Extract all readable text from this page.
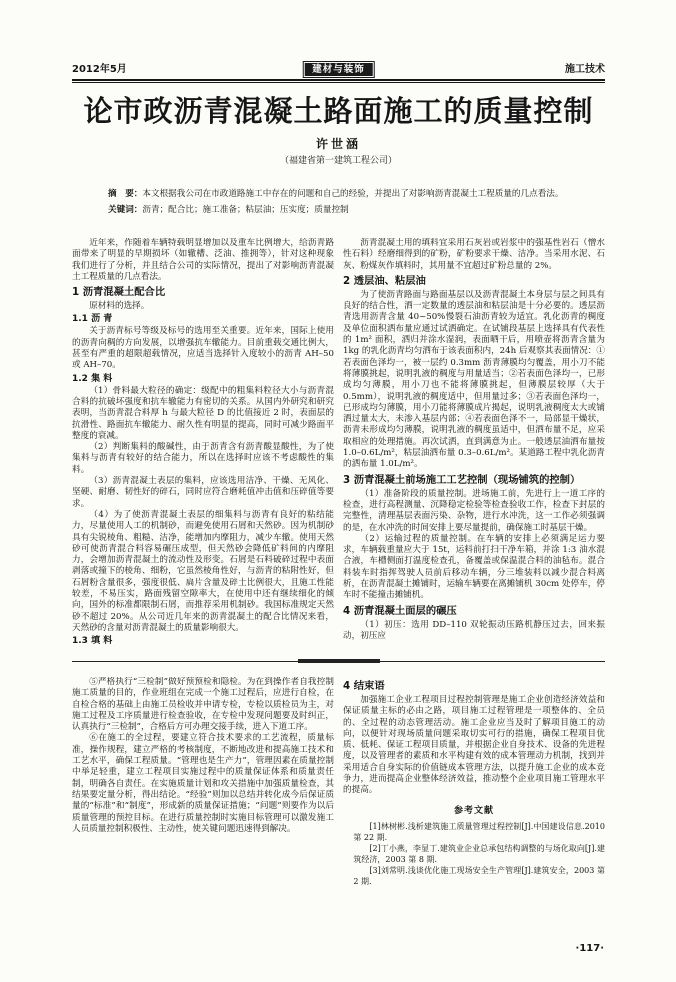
2012年5月	建材与装饰	施工技术
论市政沥青混凝土路面施工的质量控制
许世涵
（福建省第一建筑工程公司）
摘　要：本文根据我公司在市政道路施工中存在的问题和自己的经验，并提出了对影响沥青混凝土工程质量的几点看法。
关键词：沥青；配合比；施工准备；粘层油；压实度；质量控制

近年来，作随着车辆特载明显增加以及重车比例增大，给沥青路面带来了明显的早期损坏（如辙槽、泛油、推拥等），针对这种现象我们进行了分析，并且结合公司的实际情况，提出了对影响沥青混凝土工程质量的几点看法。

1 沥青混凝土配合比

原材料的选择。

1.1 沥 青

关于沥青标号等级及标号的选用至关重要。近年来，国际上使用的沥青向稠的方向发展，以增强抗车辙能力。目前重载交通比例大，甚至有严重的超限超载情况，应适当选择针入度较小的沥青 AH–50 或 AH–70。

1.2 集 料

（1）骨料最大粒径的确定：级配中的粗集料粒径大小与沥青混合料的抗破坏强度和抗车辙能力有密切的关系。从国内外研究和研究表明，当沥青混合料厚 h 与最大粒径 D 的比值接近 2 时，表面层的抗滑性、路面抗车辙能力、耐久性有明显的提高，同时可减少路面平整度的衰减。

（2）判断集料的酸碱性，由于沥青含有沥青酸显酸性，为了使集料与沥青有较好的结合能力，所以在选择时应该不考虑酸性的集料。

（3）沥青混凝土表层的集料，应该选用洁净、干燥、无风化、坚硬、耐磨、韧性好的碎石，同时应符合磨耗值冲击值和压碎值等要求。

（4）为了使沥青混凝土表层的细集料与沥青有良好的粘结能力，尽量使用人工的机制砂，而避免使用石屑和天然砂。因为机制砂具有尖锐棱角、粗糙、洁净，能增加内摩阻力，减少车辙。使用天然砂可使沥青混合料容易碾压成型，但天然砂会降低矿料间的内摩阻力，会增加沥青混凝土的流动性及形变。石屑是石料破碎过程中表面剥落或撞下的棱角、细粉，它虽然棱角性好，与沥青的粘附性好，但石屑粉含量很多，强度很低、扁片含量及碎土比例很大，且施工性能较差，不易压实，路面残留空隙率大，在使用中还有继续细化的倾向，国外的标准都限制石屑，而推荐采用机制砂。我国标准规定天然砂不超过 20%。从公司近几年来的沥青混凝土的配合比情况来看，天然砂的含量对沥青混凝土的质量影响很大。

1.3 填 料

沥青混凝土用的填料宜采用石灰岩或岩浆中的强基性岩石（憎水性石料）经磨细得到的矿粉，矿粉要求干燥、洁净。当采用水泥、石灰、粉煤灰作填料时，其用量不宜超过矿粉总量的 2%。

2 透层油、粘层油

为了使沥青路面与路面基层以及沥青混凝土本身层与层之间具有良好的结合性，洒一定数量的透层油和粘层油是十分必要的。透层沥青选用沥青含量 40~50%慢裂石油沥青较为适宜。乳化沥青的稠度及单位面积洒布量应通过试洒确定。在试铺段基层上选择具有代表性的 1m² 面积，洒归并涂水湿润，表面晒干后，用喷壶将沥青含量为 1kg 的乳化沥青均匀洒布于该表面积内，24h 后观察其表面情况：①若表面色泽均一，被一层约 0.3mm 沥青薄膜均匀覆盖，用小刀不能将薄膜挑起，说明乳液的稠度与用量适当；②若表面色泽均一，已形成均匀薄膜，用小刀也不能将薄膜挑起，但薄膜层较厚（大于 0.5mm），说明乳液的稠度适中，但用量过多；③若表面色泽均一，已形成均匀薄膜，用小刀能将薄膜成片揭起，说明乳液稠度太大或铺洒过量太大，未渗入基层内部；④若表面色泽不一，局部显干燥状，沥青未形成均匀薄膜，说明乳液的稠度虽适中，但洒布量不足，应采取相应的处理措施。再次试洒，直到满意为止。一般透层油洒布量按 1.0–0.6L/m²，粘层油洒布量 0.3–0.6L/m²。某道路工程中乳化沥青的洒布量 1.0L/m²。

3 沥青混凝土前场施工工艺控制（现场铺筑的控制）

（1）准备阶段的质量控制。进场施工前，先进行上一道工序的检查，进行高程测量、沉降稳定检验等检查验收工作，检查下封层的完整性，清理基层表面污染、杂物，进行水冲洗，这一工作必须强调的是，在水冲洗的时间安排上要尽量提前，确保施工时基层干燥。

（2）运输过程的质量控制。在车辆的安排上必须满足运力要求，车辆载重量应大于 15t，运料前打扫干净车箱，并涂 1:3 油水混合液，车槽侧面打温度检查孔，备覆盖或保温混合料的油毡布。混合料装车时指挥驾驶人员前后移动车辆，分三堆装料以减少混合料离析，在沥青混凝土摊铺时，运输车辆要在离摊铺机 30cm 处停车，停车时不能撞击摊铺机。

4 沥青混凝土面层的碾压

（1）初压：选用 DD–110 双轮振动压路机静压过去，回来振动，初压应

⑤严格执行“三检制”做好预预检和隐检。为在到操作者自我控制施工质量的目的，作业班组在完成一个施工过程后，应进行自检，在自检合格的基础上由施工员检收并申请专检，专检以质检员为主，对施工过程及工序质量进行检查验收，在专检中发现问题要及时纠正，认真执行“三检制”，合格后方可办理交接手续，进入下道工序。

⑥在施工的全过程，要建立符合技术要求的工艺流程，质量标准，操作规程，建立严格的考核制度，不断地改进和提高施工技术和工艺水平，确保工程质量。“管理也是生产力”，管理因素在质量控制中举足轻重，建立工程项目实施过程中的质量保证体系和质量责任制，明确各自责任。在实施质量计划和攻关措施中加强质量检查，其结果要定量分析，得出结论。“经验”则加以总结并转化成今后保证质量的“标准”和“制度”，形成新的质量保证措施；“问题”则要作为以后质量管理的预控目标。在进行质量控制时实施目标管理可以激发施工人员质量控制积极性、主动性，使关键问题迅速得到解决。

4 结束语

加强施工企业工程项目过程控制管理是施工企业创造经济效益和保证质量主标的必由之路，项目施工过程管理是一项整体的、全员的、全过程的动态管理活动。施工企业应当及时了解项目施工的动向，以便针对现场质量问题采取切实可行的措施，确保工程项目优质、低耗、保证工程项目质量，并根据企业自身技术、设备的先进程度，以及管理者的素质和水平构建有效的成本管理动力机制，找到并采用适合自身实际的价值链成本管理方法，以提升施工企业的成本竞争力，进而提高企业整体经济效益，推动整个企业项目施工管理水平的提高。

参考文献

[1]林树彬.浅析建筑施工质量管理过程控制[J].中国建设信息.2010 第 22 期.

[2]丁小燕，李显丁.建筑业企业总承包结构调整的与场化取向[J].建筑经济，2003 第 8 期.

[3]刘常明.浅谈优化施工现场安全生产管理[J].建筑安全，2003 第 2 期.

·117·
